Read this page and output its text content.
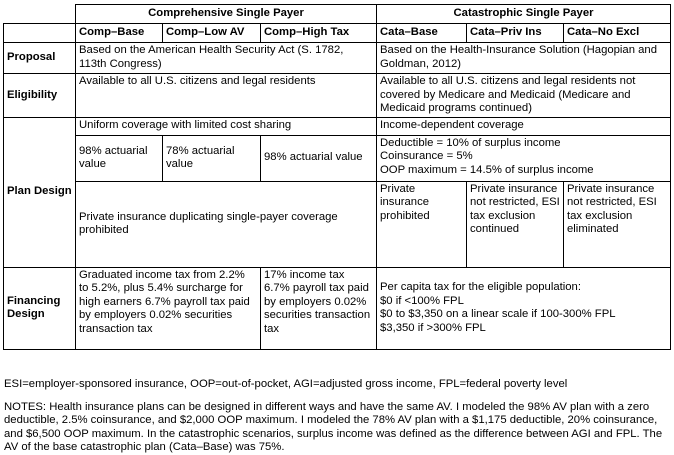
	Comprehensive Single Payer			Catastrophic Single Payer		
	Comp–Base	Comp–Low AV	Comp–High Tax	Cata–Base	Cata–Priv Ins	Cata–No Excl
Proposal	Based on the American Health Security Act (S. 1782, 113th Congress)			Based on the Health-Insurance Solution (Hagopian and Goldman, 2012)		
Eligibility	Available to all U.S. citizens and legal residents			Available to all U.S. citizens and legal residents not covered by Medicare and Medicaid (Medicare and Medicaid programs continued)		
Plan Design	Uniform coverage with limited cost sharing			Income-dependent coverage		
	98% actuarial value	78% actuarial value	98% actuarial value	Deductible = 10% of surplus income
Coinsurance = 5%
OOP maximum = 14.5% of surplus income		

	Private insurance duplicating single-payer coverage prohibited			Private insurance prohibited	Private insurance not restricted, ESI tax exclusion continued	Private insurance not restricted, ESI tax exclusion eliminated
Financing Design	Graduated income tax from 2.2% to 5.2%, plus 5.4% surcharge for high earners 6.7% payroll tax paid by employers 0.02% securities transaction tax		17% income tax 6.7% payroll tax paid by employers 0.02% securities transaction tax	Per capita tax for the eligible population:
$0 if <100% FPL
$0 to $3,350 on a linear scale if 100-300% FPL
$3,350 if >300% FPL		
ESI=employer-sponsored insurance, OOP=out-of-pocket, AGI=adjusted gross income, FPL=federal poverty level
NOTES: Health insurance plans can be designed in different ways and have the same AV. I modeled the 98% AV plan with a zero deductible, 2.5% coinsurance, and $2,000 OOP maximum. I modeled the 78% AV plan with a $1,175 deductible, 20% coinsurance, and $6,500 OOP maximum. In the catastrophic scenarios, surplus income was defined as the difference between AGI and FPL. The AV of the base catastrophic plan (Cata–Base) was 75%.
